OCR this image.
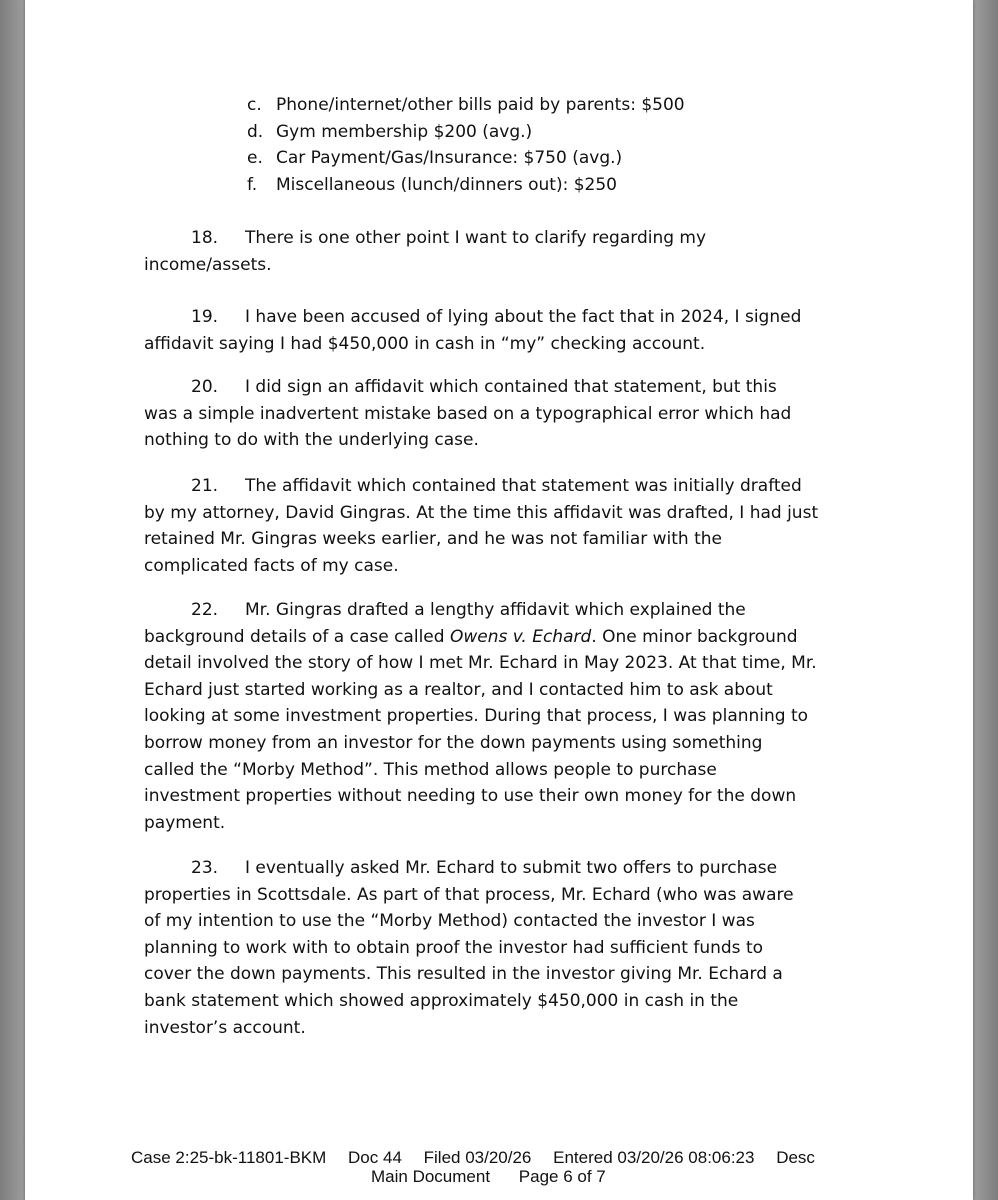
c. Phone/internet/other bills paid by parents: $500
d. Gym membership $200 (avg.)
e. Car Payment/Gas/Insurance: $750 (avg.)
f.	Miscellaneous (lunch/dinners out): $250
18. There is one other point I want to clarify regarding my
income/assets.
19. I have been accused of lying about the fact that in 2024, I signed
affidavit saying I had $450,000 in cash in “my” checking account.
20. I did sign an affidavit which contained that statement, but this
was a simple inadvertent mistake based on a typographical error which had
nothing to do with the underlying case.
21. The affidavit which contained that statement was initially drafted
by my attorney, David Gingras. At the time this affidavit was drafted, I had just
retained Mr. Gingras weeks earlier, and he was not familiar with the
complicated facts of my case.
22. Mr. Gingras drafted a lengthy affidavit which explained the
background details of a case called Owens v. Echard. One minor background
detail involved the story of how I met Mr. Echard in May 2023. At that time, Mr.
Echard just started working as a realtor, and I contacted him to ask about
looking at some investment properties. During that process, I was planning to
borrow money from an investor for the down payments using something
called the “Morby Method”. This method allows people to purchase
investment properties without needing to use their own money for the down
payment.
23. I eventually asked Mr. Echard to submit two offers to purchase
properties in Scottsdale. As part of that process, Mr. Echard (who was aware
of my intention to use the “Morby Method) contacted the investor I was
planning to work with to obtain proof the investor had sufficient funds to
cover the down payments. This resulted in the investor giving Mr. Echard a
bank statement which showed approximately $450,000 in cash in the
investor’s account.
Case 2:25-bk-11801-BKM Doc 44 Filed 03/20/26 Entered 03/20/26 08:06:23 Desc
Main Document Page 6 of 7
